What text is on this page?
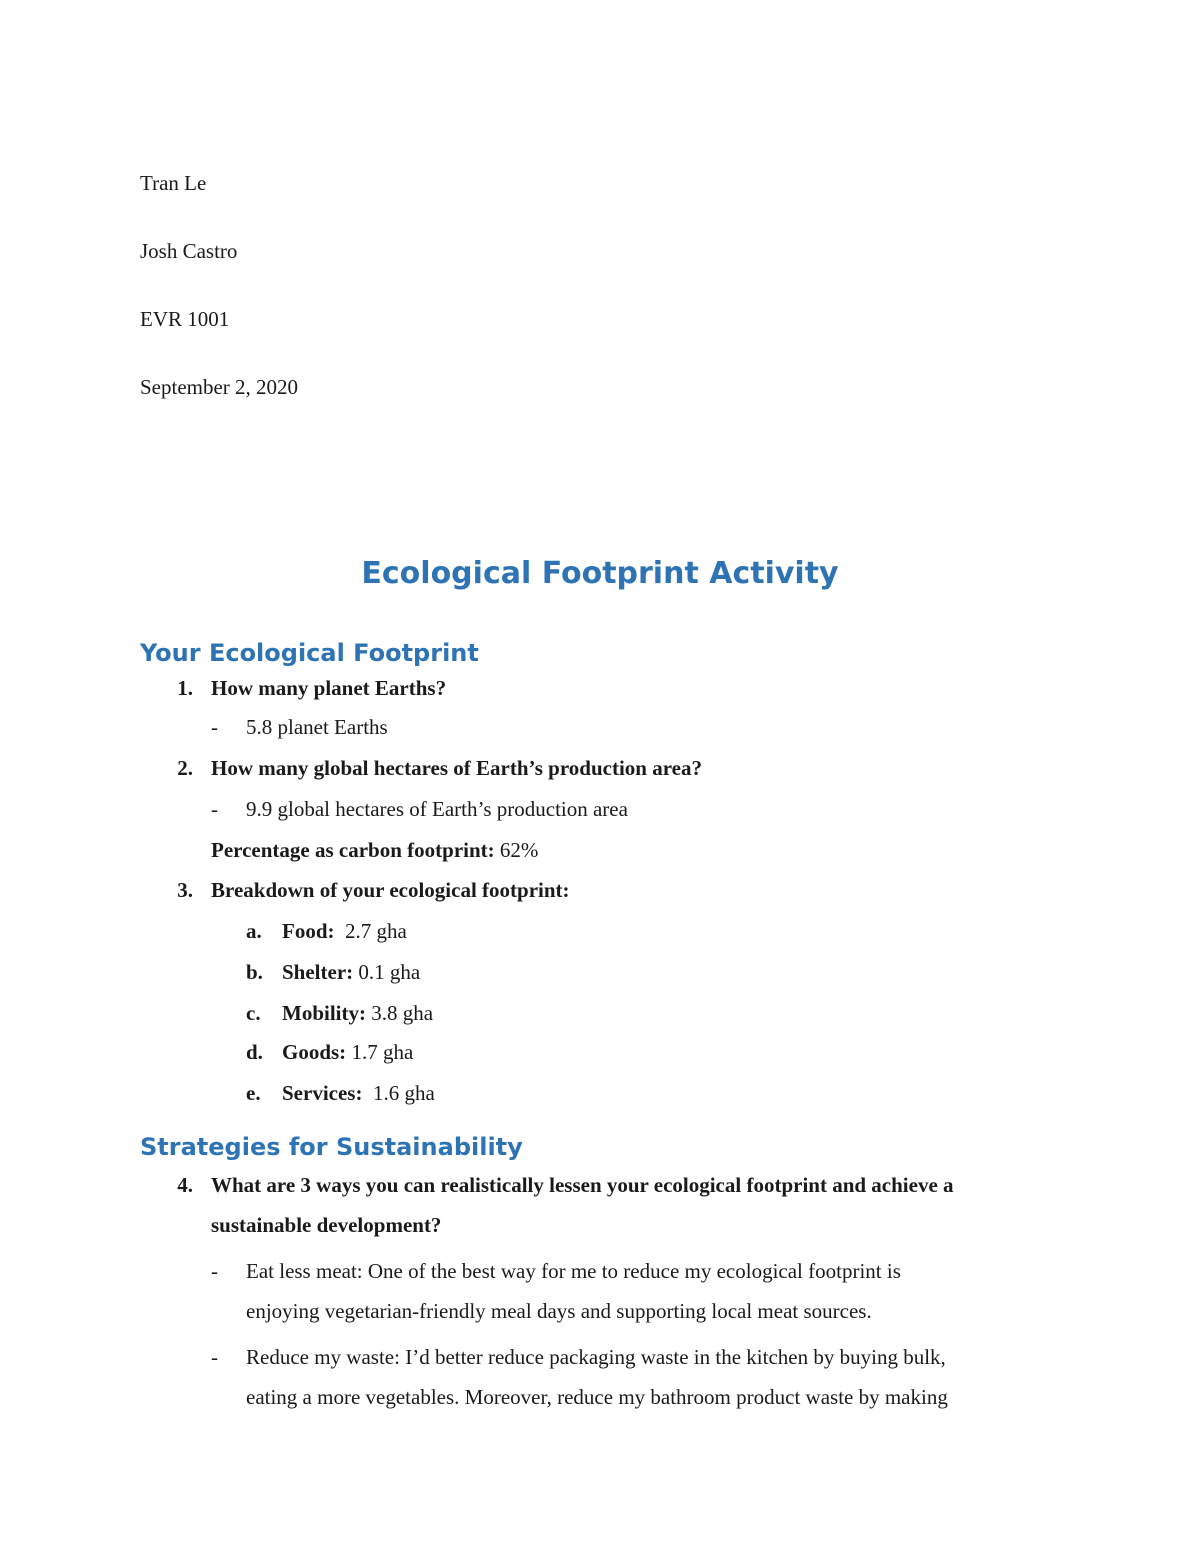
Tran Le
Josh Castro
EVR 1001
September 2, 2020
Ecological Footprint Activity
Your Ecological Footprint
1. How many planet Earths?
-	5.8 planet Earths
2. How many global hectares of Earth’s production area?
-	9.9 global hectares of Earth’s production area
Percentage as carbon footprint: 62%
3. Breakdown of your ecological footprint:
a. Food:  2.7 gha
b. Shelter: 0.1 gha
c. Mobility: 3.8 gha
d. Goods: 1.7 gha
e. Services:  1.6 gha
Strategies for Sustainability
4. What are 3 ways you can realistically lessen your ecological footprint and achieve a
sustainable development?
-	Eat less meat: One of the best way for me to reduce my ecological footprint is
enjoying vegetarian-friendly meal days and supporting local meat sources.
-	Reduce my waste: I’d better reduce packaging waste in the kitchen by buying bulk,
eating a more vegetables. Moreover, reduce my bathroom product waste by making
